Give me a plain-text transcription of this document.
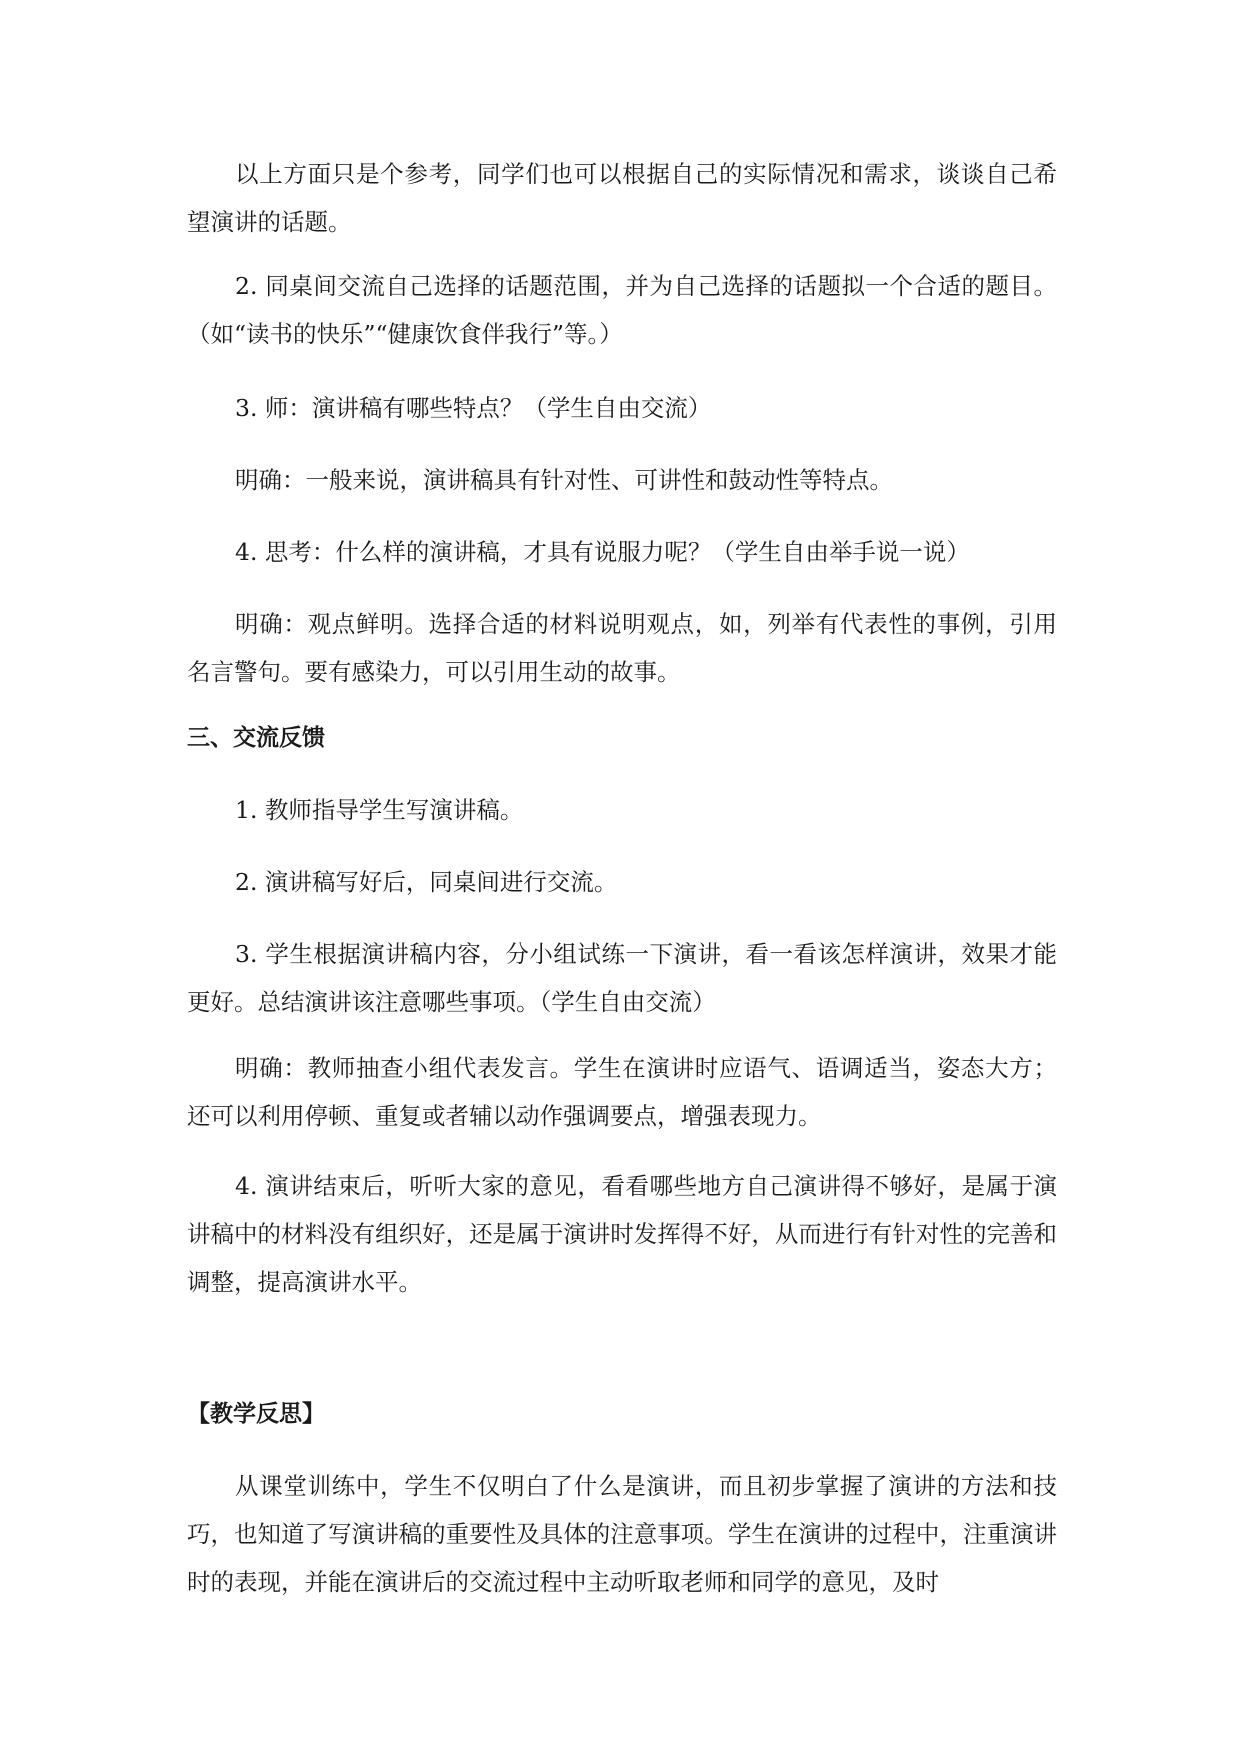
以上方面只是个参考，同学们也可以根据自己的实际情况和需求，谈谈自己希望演讲的话题。

2. 同桌间交流自己选择的话题范围，并为自己选择的话题拟一个合适的题目。（如“读书的快乐”“健康饮食伴我行”等。）

3. 师：演讲稿有哪些特点？（学生自由交流）

明确：一般来说，演讲稿具有针对性、可讲性和鼓动性等特点。

4. 思考：什么样的演讲稿，才具有说服力呢？（学生自由举手说一说）

明确：观点鲜明。选择合适的材料说明观点，如，列举有代表性的事例，引用名言警句。要有感染力，可以引用生动的故事。

三、交流反馈

1. 教师指导学生写演讲稿。

2. 演讲稿写好后，同桌间进行交流。

3. 学生根据演讲稿内容，分小组试练一下演讲，看一看该怎样演讲，效果才能更好。总结演讲该注意哪些事项。（学生自由交流）

明确：教师抽查小组代表发言。学生在演讲时应语气、语调适当，姿态大方；还可以利用停顿、重复或者辅以动作强调要点，增强表现力。

4. 演讲结束后，听听大家的意见，看看哪些地方自己演讲得不够好，是属于演讲稿中的材料没有组织好，还是属于演讲时发挥得不好，从而进行有针对性的完善和调整，提高演讲水平。

【教学反思】

从课堂训练中，学生不仅明白了什么是演讲，而且初步掌握了演讲的方法和技巧，也知道了写演讲稿的重要性及具体的注意事项。学生在演讲的过程中，注重演讲时的表现，并能在演讲后的交流过程中主动听取老师和同学的意见，及时
